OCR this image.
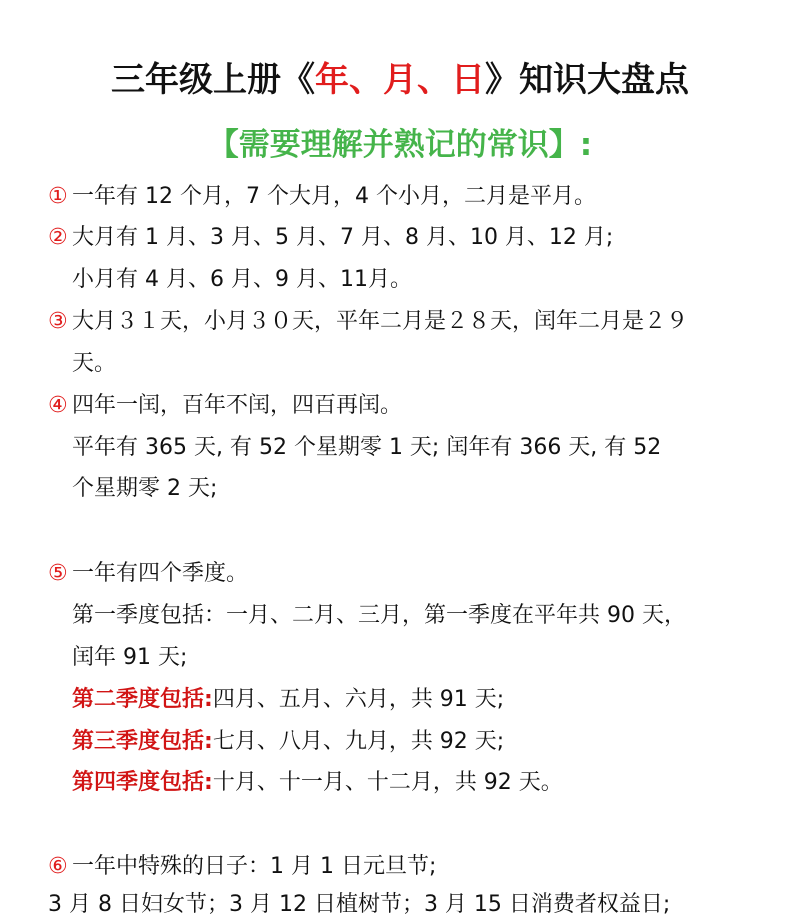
三年级上册《年、月、日》知识大盘点
【需要理解并熟记的常识】:
① 一年有 12 个月，7 个大月，4 个小月，二月是平月。
② 大月有 1 月、3 月、5 月、7 月、8 月、10 月、12 月;
小月有 4 月、6 月、9 月、11月。
③ 大月３１天，小月３０天，平年二月是２８天，闰年二月是２９
天。
④ 四年一闰，百年不闰，四百再闰。
平年有 365 天, 有 52 个星期零 1 天; 闰年有 366 天, 有 52
个星期零 2 天;
⑤ 一年有四个季度。
第一季度包括：一月、二月、三月，第一季度在平年共 90 天，
闰年 91 天;
第二季度包括:四月、五月、六月，共 91 天;
第三季度包括:七月、八月、九月，共 92 天;
第四季度包括:十月、十一月、十二月，共 92 天。
⑥ 一年中特殊的日子：1 月 1 日元旦节;
3 月 8 日妇女节；3 月 12 日植树节；3 月 15 日消费者权益日;
